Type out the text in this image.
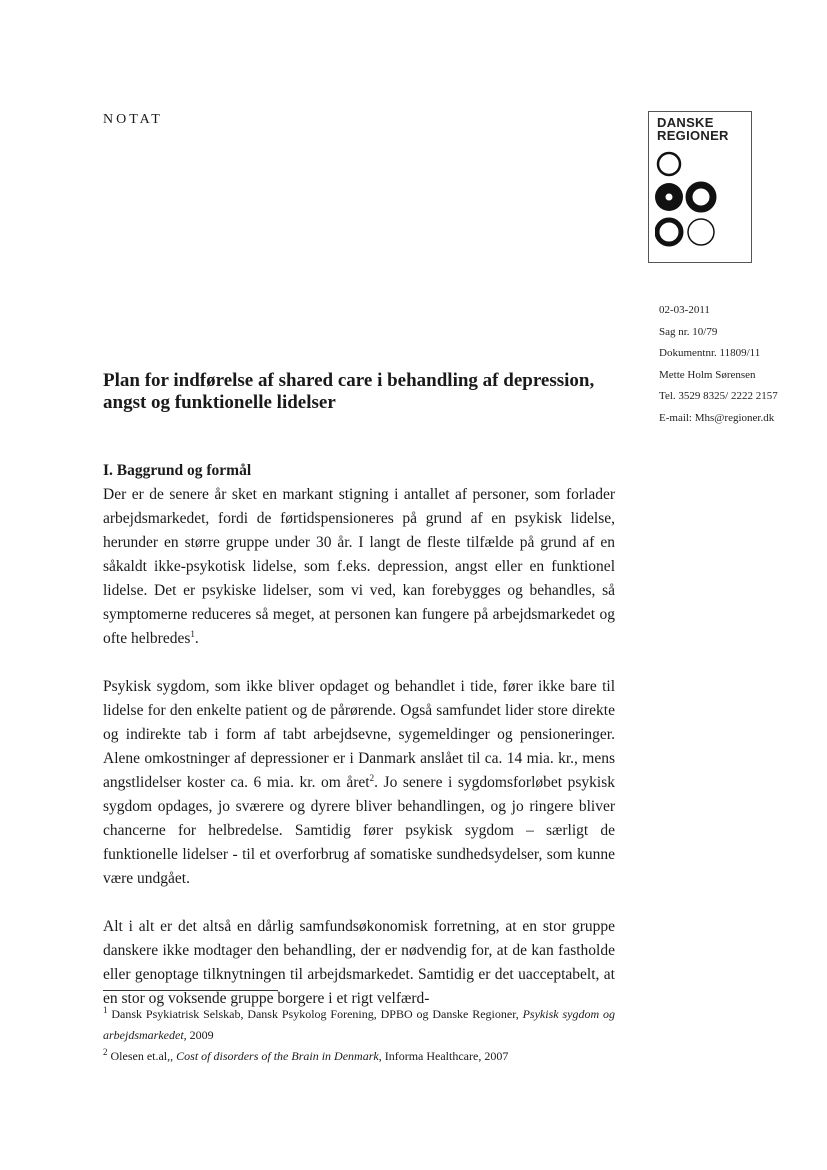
NOTAT	DANSKE
REGIONER
02-03-2011
Sag nr. 10/79
Dokumentnr. 11809/11
Mette Holm Sørensen
Tel. 3529 8325/ 2222 2157
E-mail: Mhs@regioner.dk
Plan for indførelse af shared care i behandling af depression, angst og funktionelle lidelser
I. Baggrund og formål

Der er de senere år sket en markant stigning i antallet af personer, som forlader arbejdsmarkedet, fordi de førtidspensioneres på grund af en psykisk lidelse, herunder en større gruppe under 30 år. I langt de fleste tilfælde på grund af en såkaldt ikke-psykotisk lidelse, som f.eks. depression, angst eller en funktionel lidelse. Det er psykiske lidelser, som vi ved, kan forebygges og behandles, så symptomerne reduceres så meget, at personen kan fungere på arbejdsmarkedet og ofte helbredes$^1$.

Psykisk sygdom, som ikke bliver opdaget og behandlet i tide, fører ikke bare til lidelse for den enkelte patient og de pårørende. Også samfundet lider store direkte og indirekte tab i form af tabt arbejdsevne, sygemeldinger og pensioneringer. Alene omkostninger af depressioner er i Danmark anslået til ca. 14 mia. kr., mens angstlidelser koster ca. 6 mia. kr. om året$^2$. Jo senere i sygdomsforløbet psykisk sygdom opdages, jo sværere og dyrere bliver behandlingen, og jo ringere bliver chancerne for helbredelse. Samtidig fører psykisk sygdom – særligt de funktionelle lidelser - til et overforbrug af somatiske sundhedsydelser, som kunne være undgået.

Alt i alt er det altså en dårlig samfundsøkonomisk forretning, at en stor gruppe danskere ikke modtager den behandling, der er nødvendig for, at de kan fastholde eller genoptage tilknytningen til arbejdsmarkedet. Samtidig er det uacceptabelt, at en stor og voksende gruppe borgere i et rigt velfærd-

$^1$ Dansk Psykiatrisk Selskab, Dansk Psykolog Forening, DPBO og Danske Regioner, Psykisk sygdom og arbejdsmarkedet, 2009
$^2$ Olesen et.al,, Cost of disorders of the Brain in Denmark, Informa Healthcare, 2007
